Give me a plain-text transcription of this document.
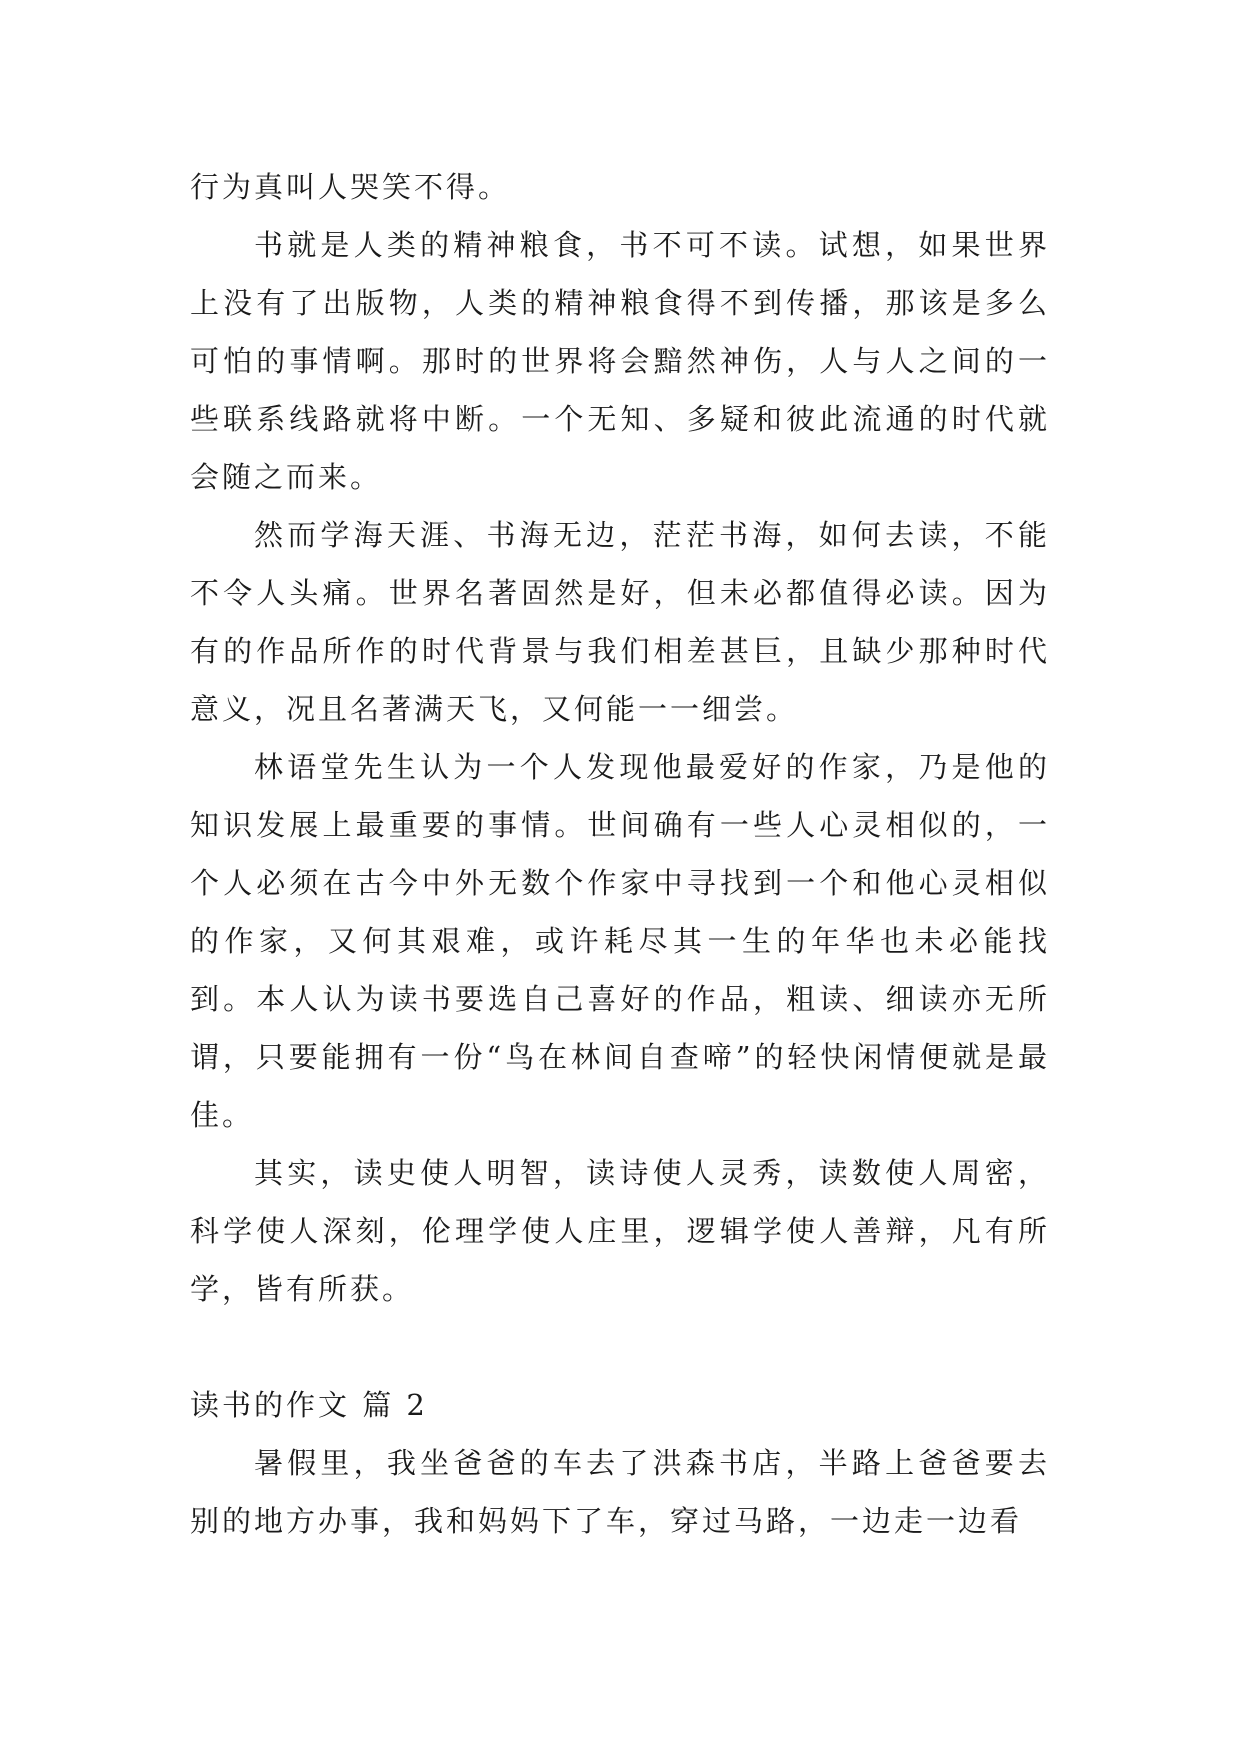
行为真叫人哭笑不得。

书就是人类的精神粮食，书不可不读。试想，如果世界上没有了出版物，人类的精神粮食得不到传播，那该是多么可怕的事情啊。那时的世界将会黯然神伤，人与人之间的一些联系线路就将中断。一个无知、多疑和彼此流通的时代就会随之而来。

然而学海天涯、书海无边，茫茫书海，如何去读，不能不令人头痛。世界名著固然是好，但未必都值得必读。因为有的作品所作的时代背景与我们相差甚巨，且缺少那种时代意义，况且名著满天飞，又何能一一细尝。

林语堂先生认为一个人发现他最爱好的作家，乃是他的知识发展上最重要的事情。世间确有一些人心灵相似的，一个人必须在古今中外无数个作家中寻找到一个和他心灵相似的作家，又何其艰难，或许耗尽其一生的年华也未必能找到。本人认为读书要选自己喜好的作品，粗读、细读亦无所谓，只要能拥有一份“鸟在林间自查啼”的轻快闲情便就是最佳。

其实，读史使人明智，读诗使人灵秀，读数使人周密，科学使人深刻，伦理学使人庄里，逻辑学使人善辩，凡有所学，皆有所获。

读书的作文 篇 2

暑假里，我坐爸爸的车去了洪森书店，半路上爸爸要去别的地方办事，我和妈妈下了车，穿过马路，一边走一边看
